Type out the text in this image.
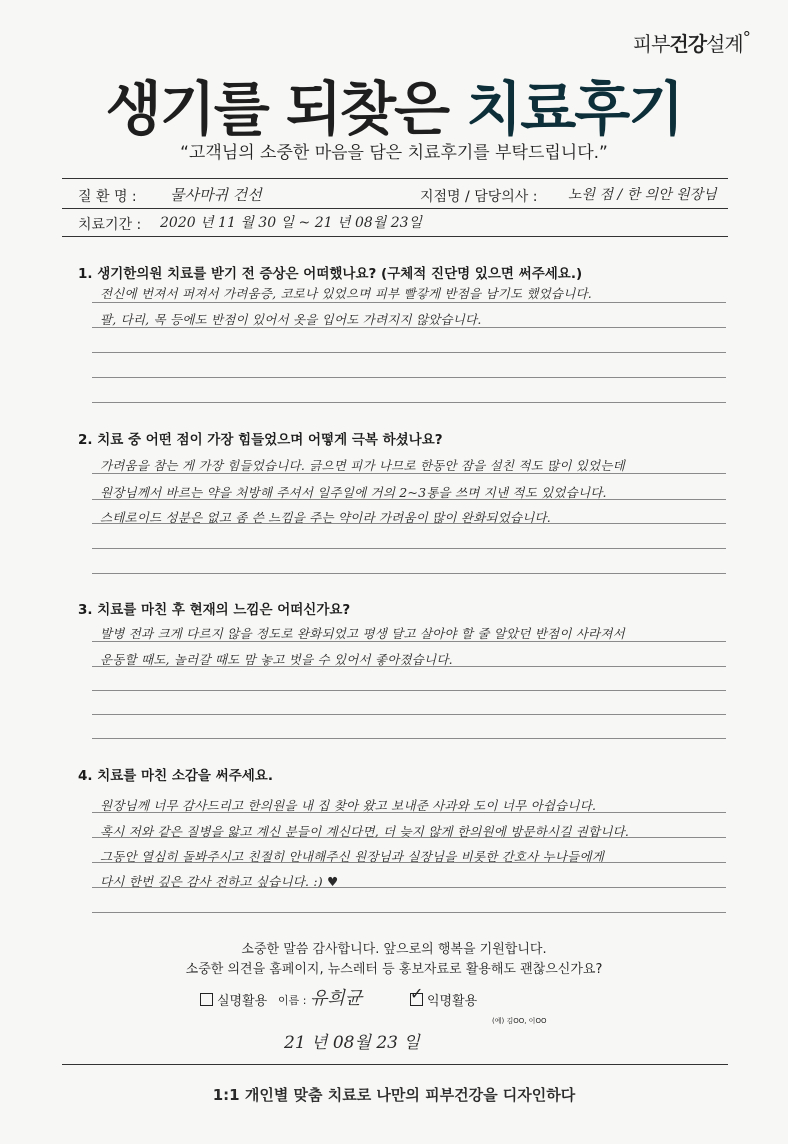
피부건강설계°
생기를 되찾은 치료후기
“고객님의 소중한 마음을 담은 치료후기를 부탁드립니다.”
질 환 명 : 물사마귀 건선	지점명 / 담당의사 : 노원 점 / 한 의안 원장님
치료기간 : 2020 년 11 월 30 일 ~ 21 년 08월 23일
1. 생기한의원 치료를 받기 전 증상은 어떠했나요? (구체적 진단명 있으면 써주세요.)
전신에 번져서 퍼져서 가려움증, 코로나 있었으며 피부 빨갛게 반점을 남기도 했었습니다.
팔, 다리, 목 등에도 반점이 있어서 옷을 입어도 가려지지 않았습니다.
2. 치료 중 어떤 점이 가장 힘들었으며 어떻게 극복 하셨나요?
가려움을 참는 게 가장 힘들었습니다. 긁으면 피가 나므로 한동안 잠을 설친 적도 많이 있었는데
원장님께서 바르는 약을 처방해 주셔서 일주일에 거의 2~3통을 쓰며 지낸 적도 있었습니다.
스테로이드 성분은 없고 좀 쓴 느낌을 주는 약이라 가려움이 많이 완화되었습니다.
3. 치료를 마친 후 현재의 느낌은 어떠신가요?
발병 전과 크게 다르지 않을 정도로 완화되었고 평생 달고 살아야 할 줄 알았던 반점이 사라져서
운동할 때도, 놀러갈 때도 맘 놓고 벗을 수 있어서 좋아졌습니다.
4. 치료를 마친 소감을 써주세요.
원장님께 너무 감사드리고 한의원을 내 집 찾아 왔고 보내준 사과와 도이 너무 아쉽습니다.
혹시 저와 같은 질병을 앓고 계신 분들이 계신다면, 더 늦지 않게 한의원에 방문하시길 권합니다.
그동안 열심히 돌봐주시고 친절히 안내해주신 원장님과 실장님을 비롯한 간호사 누나들에게
다시 한번 깊은 감사 전하고 싶습니다. :) ♥
소중한 말씀 감사합니다. 앞으로의 행복을 기원합니다.
소중한 의견을 홈페이지, 뉴스레터 등 홍보자료로 활용해도 괜찮으신가요?
실명활용 이름 : 유희균	익명활용
✓
(예) 김OO, 이OO
21 년 08월 23 일
1:1 개인별 맞춤 치료로 나만의 피부건강을 디자인하다
